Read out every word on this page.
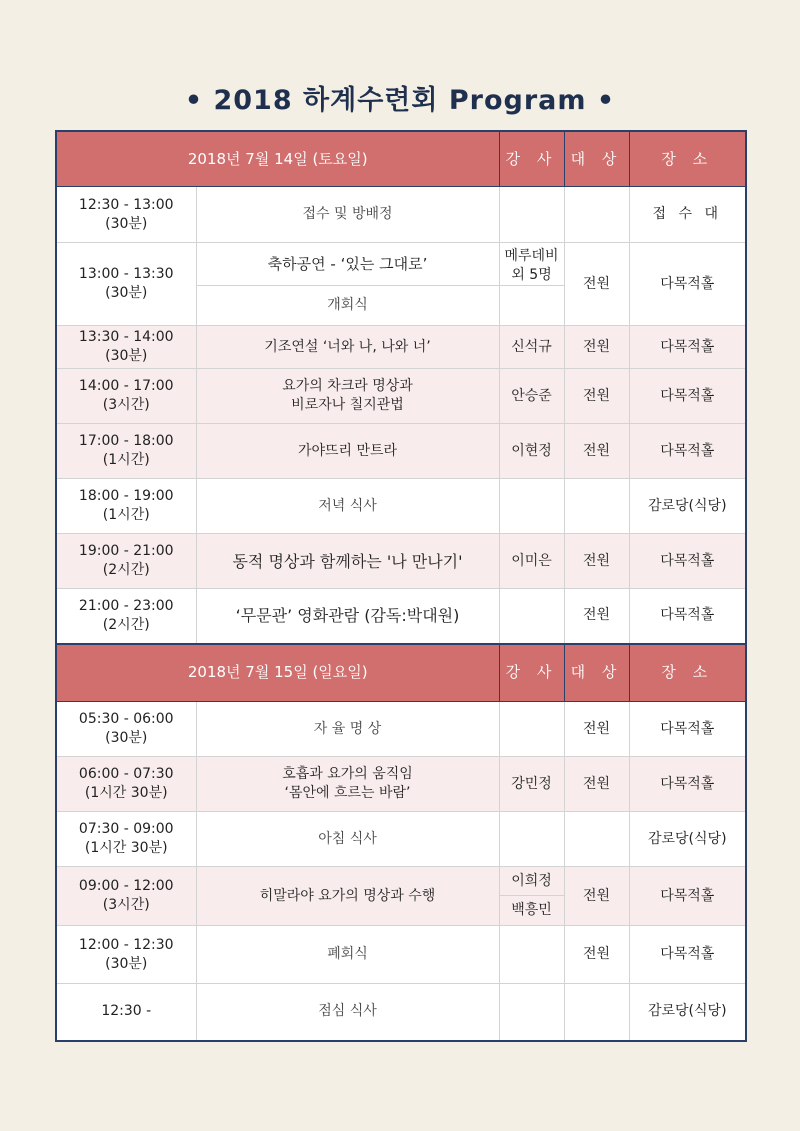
• 2018 하계수련회 Program •
2018년 7월 14일 (토요일)		강 사	대 상	장 소
12:30 - 13:00
(30분)	접수 및 방배정			접 수 대
13:00 - 13:30
(30분)	축하공연 - ‘있는 그대로’	메루데비
외 5명	전원	다목적홀
	개회식			
13:30 - 14:00
(30분)	기조연설 ‘너와 나, 나와 너’	신석규	전원	다목적홀
14:00 - 17:00
(3시간)	요가의 차크라 명상과
비로자나 칠지관법	안승준	전원	다목적홀
17:00 - 18:00
(1시간)	가야뜨리 만트라	이현정	전원	다목적홀
18:00 - 19:00
(1시간)	저녁 식사			감로당(식당)
19:00 - 21:00
(2시간)	동적 명상과 함께하는 '나 만나기'	이미은	전원	다목적홀
21:00 - 23:00
(2시간)	‘무문관’ 영화관람 (감독:박대원)		전원	다목적홀
2018년 7월 15일 (일요일)		강 사	대 상	장 소
05:30 - 06:00
(30분)	자 율 명 상		전원	다목적홀
06:00 - 07:30
(1시간 30분)	호흡과 요가의 움직임
‘몸안에 흐르는 바람’	강민정	전원	다목적홀
07:30 - 09:00
(1시간 30분)	아침 식사			감로당(식당)
09:00 - 12:00
(3시간)	히말라야 요가의 명상과 수행	이희정	전원	다목적홀
		백흥민		
12:00 - 12:30
(30분)	폐회식		전원	다목적홀
12:30 -	점심 식사			감로당(식당)
